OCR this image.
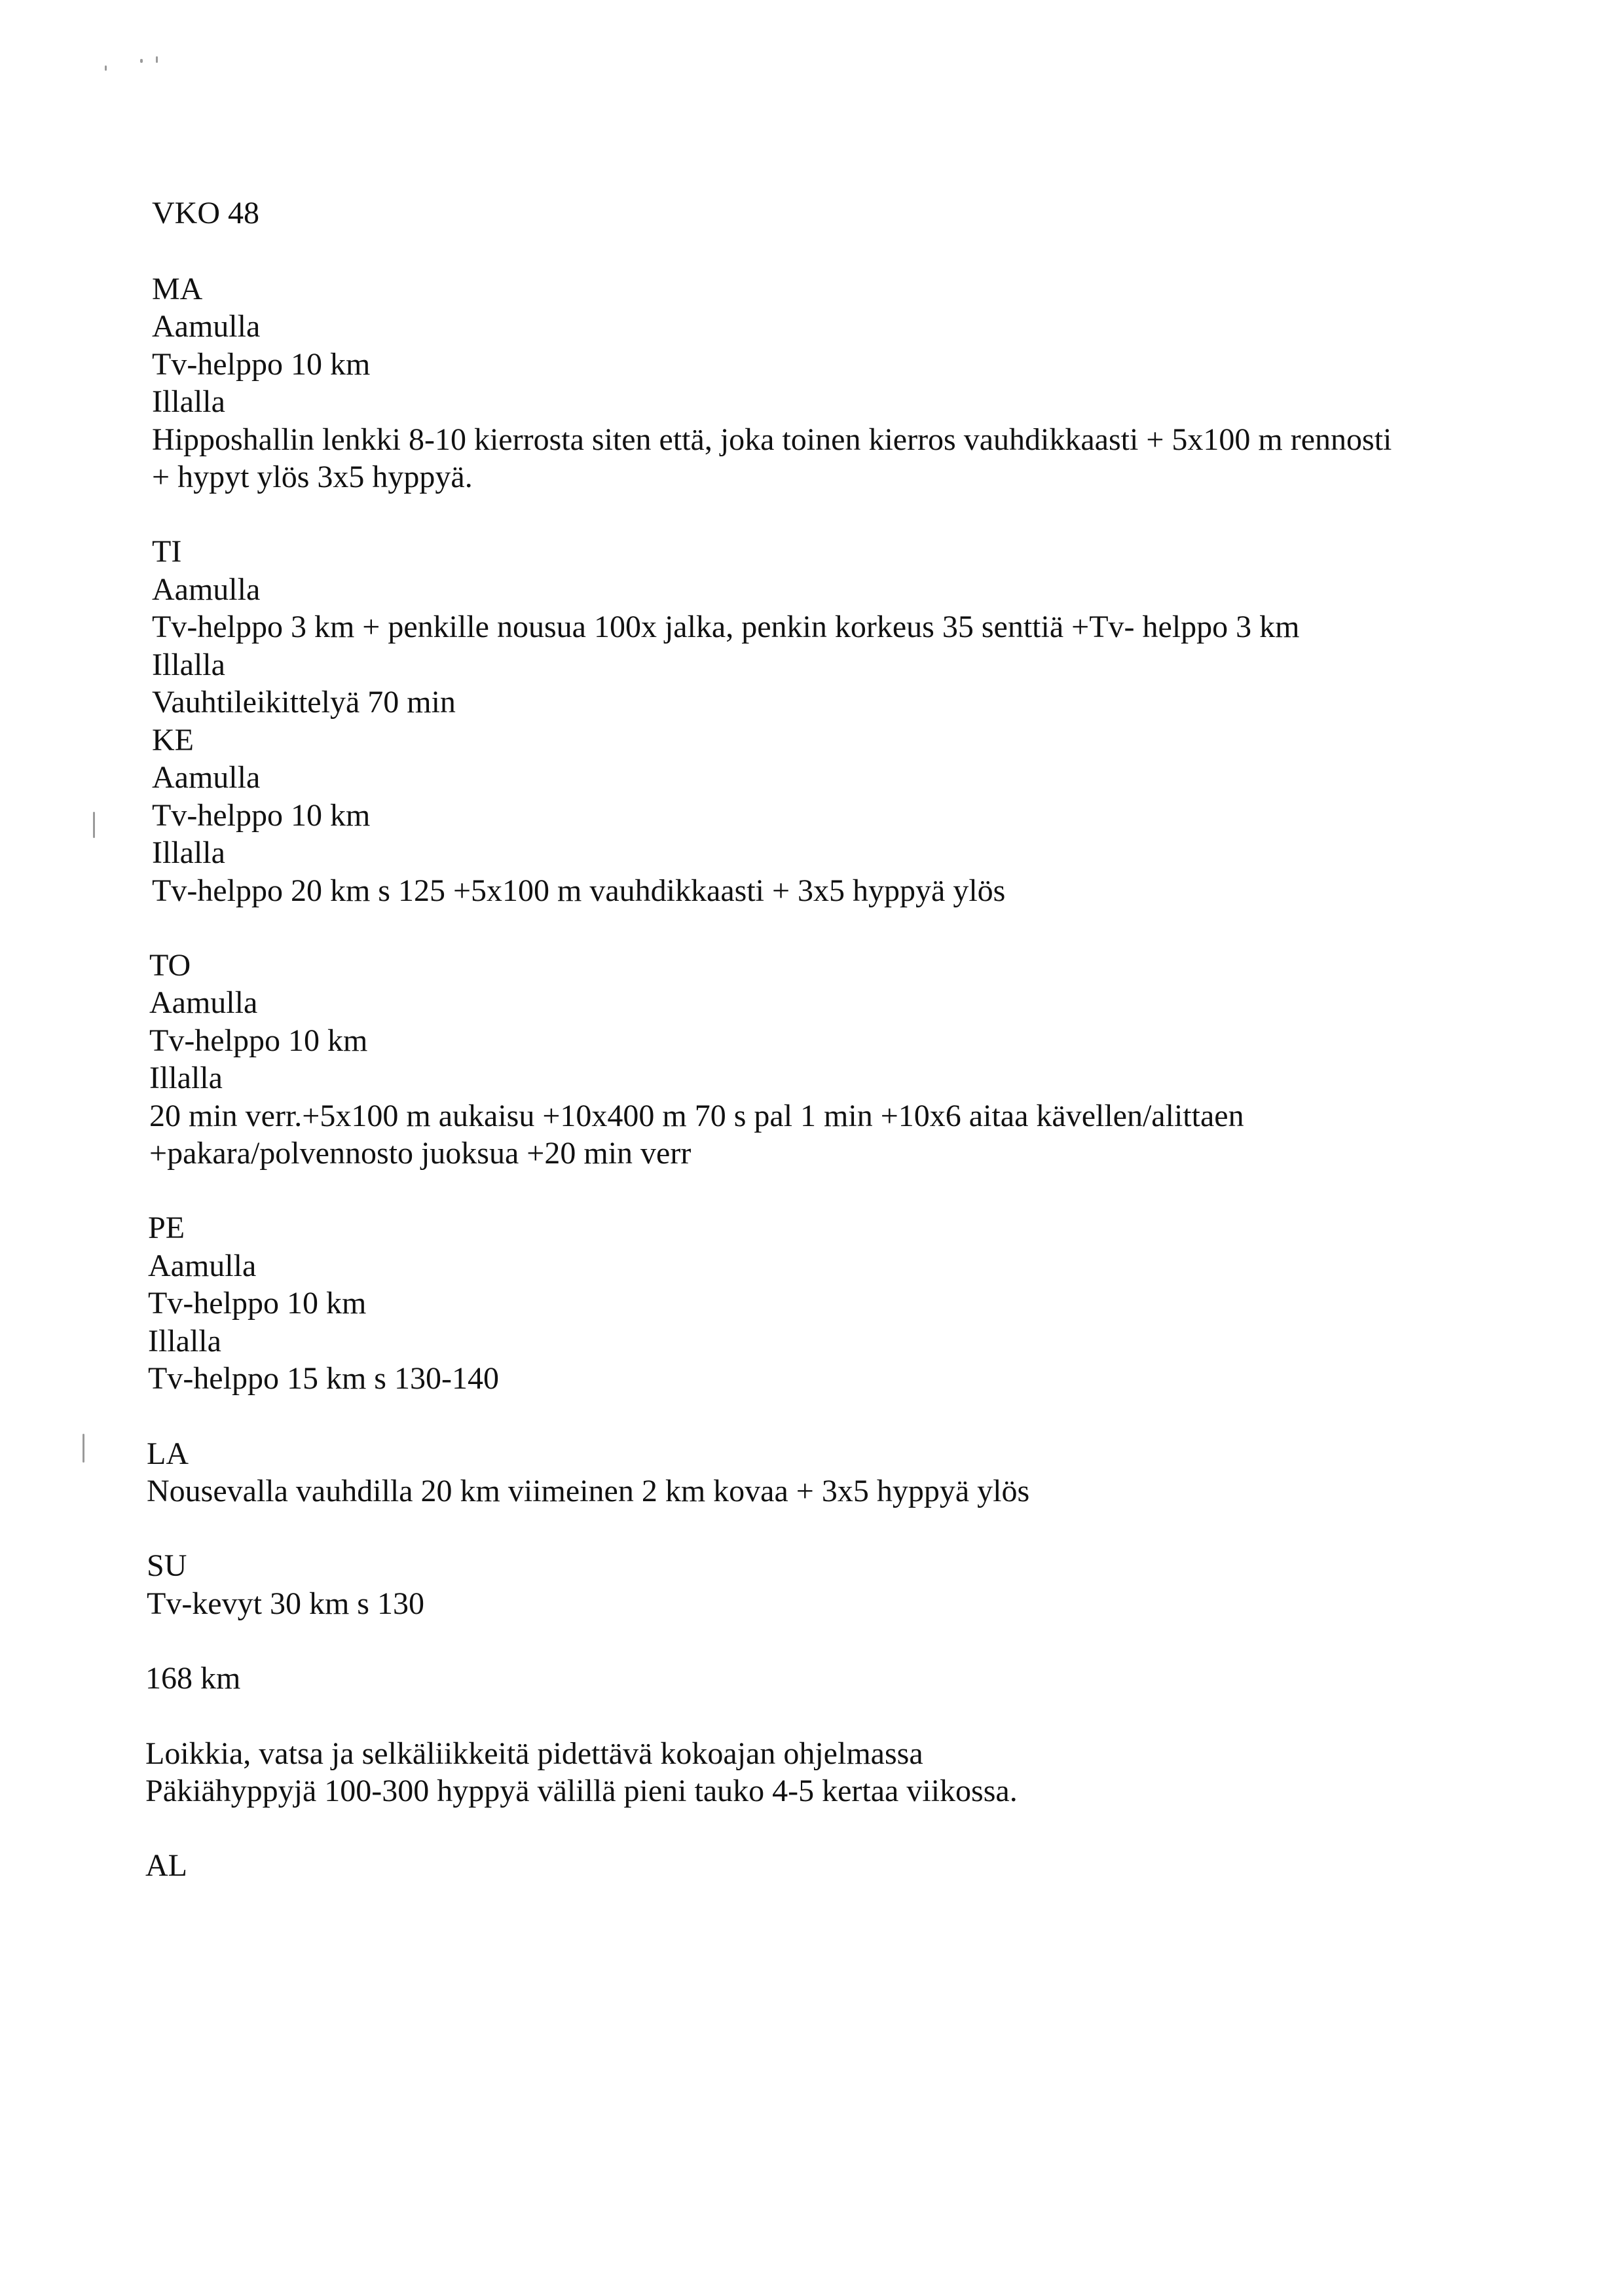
VKO 48
MA
Aamulla
Tv-helppo 10 km
Illalla
Hipposhallin lenkki 8-10 kierrosta siten että, joka toinen kierros vauhdikkaasti + 5x100 m rennosti
+ hypyt ylös 3x5 hyppyä.
TI
Aamulla
Tv-helppo 3 km + penkille nousua 100x jalka, penkin korkeus 35 senttiä +Tv- helppo 3 km
Illalla
Vauhtileikittelyä 70 min
KE
Aamulla
Tv-helppo 10 km
Illalla
Tv-helppo 20 km s 125 +5x100 m vauhdikkaasti + 3x5 hyppyä ylös
TO
Aamulla
Tv-helppo 10 km
Illalla
20 min verr.+5x100 m aukaisu +10x400 m 70 s pal 1 min +10x6 aitaa kävellen/alittaen
+pakara/polvennosto juoksua +20 min verr
PE
Aamulla
Tv-helppo 10 km
Illalla
Tv-helppo 15 km s 130-140
LA
Nousevalla vauhdilla 20 km viimeinen 2 km kovaa + 3x5 hyppyä ylös
SU
Tv-kevyt 30 km s 130
168 km
Loikkia, vatsa ja selkäliikkeitä pidettävä kokoajan ohjelmassa
Päkiähyppyjä 100-300 hyppyä välillä pieni tauko 4-5 kertaa viikossa.
AL
